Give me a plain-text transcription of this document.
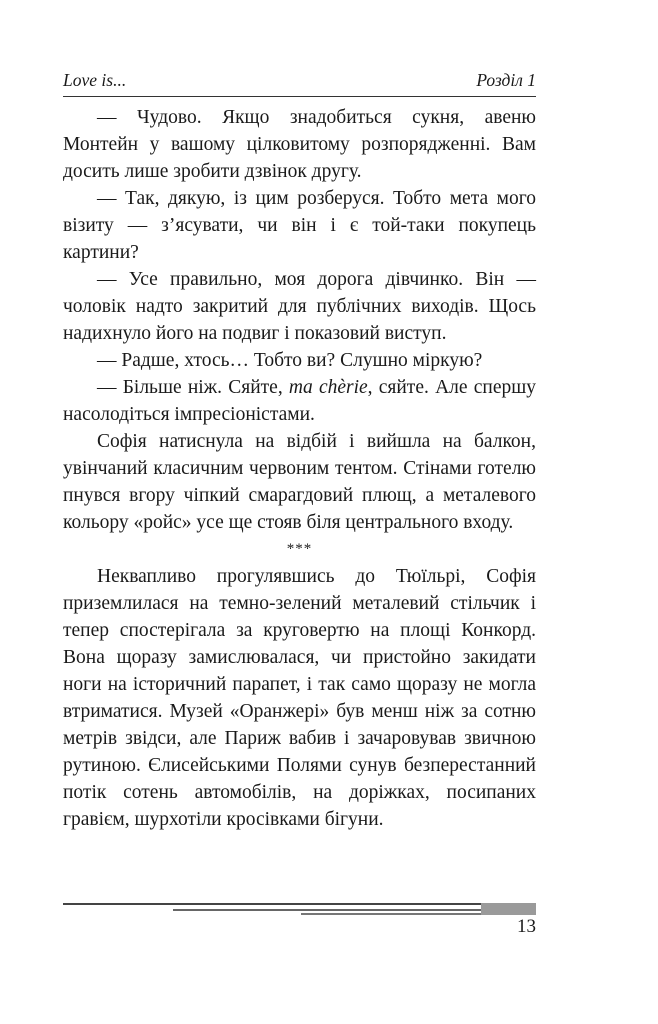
Love is...	Розділ 1

— Чудово. Якщо знадобиться сукня, авеню Монтейн у вашому цілковитому розпорядженні. Вам досить лише зробити дзвінок другу.

— Так, дякую, із цим розберуся. Тобто мета мого візиту — з’ясувати, чи він і є той-таки покупець картини?

— Усе правильно, моя дорога дівчинко. Він — чоловік надто закритий для публічних виходів. Щось надихнуло його на подвиг і показовий виступ.

— Радше, хтось… Тобто ви? Слушно міркую?

— Більше ніж. Сяйте, ma chèrie, сяйте. Але спершу насолодіться імпресіоністами.

Софія натиснула на відбій і вийшла на балкон, увінчаний класичним червоним тентом. Стінами готелю пнувся вгору чіпкий смарагдовий плющ, а металевого кольору «ройс» усе ще стояв біля центрального входу.

***

Неквапливо прогулявшись до Тюїльрі, Софія приземлилася на темно-зелений металевий стільчик і тепер спостерігала за круговертю на площі Конкорд. Вона щоразу замислювалася, чи пристойно закидати ноги на історичний парапет, і так само щоразу не могла втриматися. Музей «Оранжері» був менш ніж за сотню метрів звідси, але Париж вабив і зачаровував звичною рутиною. Єлисейськими Полями сунув безперестанний потік сотень автомобілів, на доріжках, посипаних гравієм, шурхотіли кросівками бігуни.

13
